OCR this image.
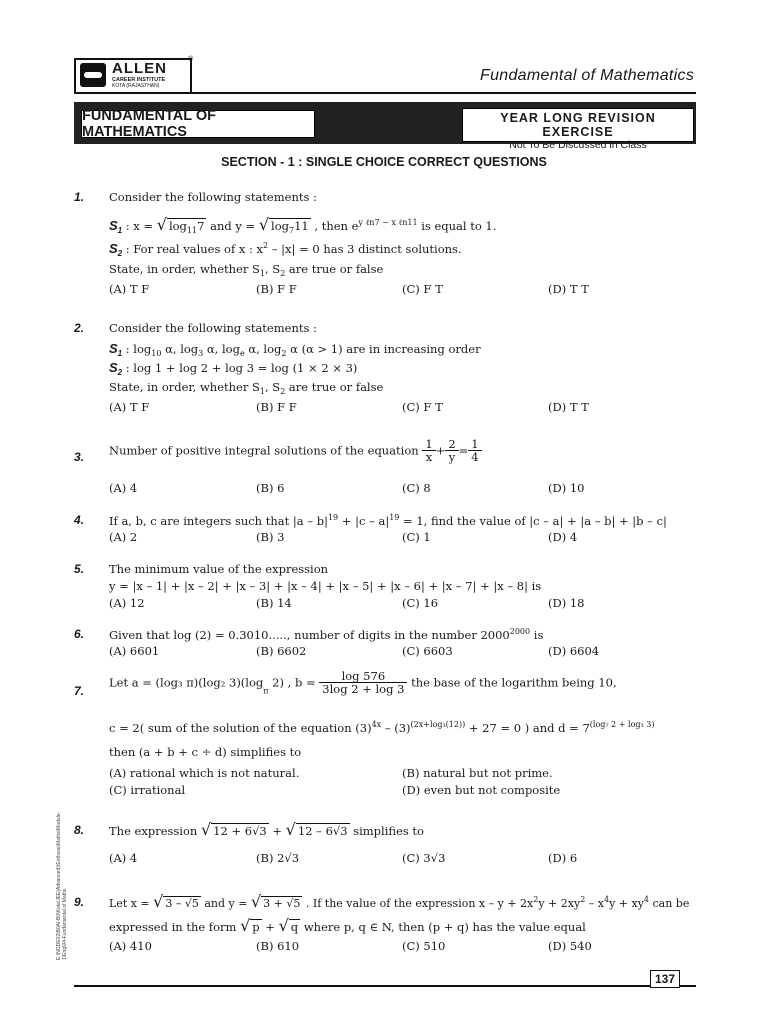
ALLEN
CAREER INSTITUTE
KOTA (RAJASTHAN)
®
Fundamental of Mathematics
FUNDAMENTAL OF MATHEMATICS
YEAR LONG REVISION EXERCISE
Not To Be Discussed in Class
SECTION - 1 : SINGLE CHOICE CORRECT QUESTIONS
1. Consider the following statements :
$S_1$ : x = √ $\log_{11}7$ and y = √ $\log_711$ , then $e^{y \ell n7 - x \ell n11}$ is equal to 1.
$S_2$ : For real values of x : $x^2 - |x| = 0$ has 3 distinct solutions.
State, in order, whether $S_1$, $S_2$ are true or false
(A) T F	(B) F F	(C) F T	(D) T T
2. Consider the following statements :
$S_1$ : $\log_{10} \alpha$, $\log_3 \alpha$, $\log_e \alpha$, $\log_2 \alpha$ (α > 1) are in increasing order
$S_2$ : log 1 + log 2 + log 3 = log (1 × 2 × 3)
State, in order, whether $S_1$, $S_2$ are true or false
(A) T F	(B) F F	(C) F T	(D) T T
3. Number of positive integral solutions of the equation $\frac{1}{x} + \frac{2}{y} = \frac{1}{4}$
(A) 4	(B) 6	(C) 8	(D) 10
4. If a, b, c are integers such that $|a - b|^{19} + |c - a|^{19} = 1$, find the value of |c – a| + |a – b| + |b – c|
(A) 2	(B) 3	(C) 1	(D) 4
5. The minimum value of the expression
y = |x – 1| + |x – 2| + |x – 3| + |x – 4| + |x – 5| + |x – 6| + |x – 7| + |x – 8| is
(A) 12	(B) 14	(C) 16	(D) 18
6. Given that log (2) = 0.3010....., number of digits in the number $2000^{2000}$ is
(A) 6601	(B) 6602	(C) 6603	(D) 6604
7.
Let a = (log₃ π)(log₂ $3)(\log_\pi$ 2) , $b = \frac{\log 576}{3\log 2 + \log 3}$ the base of the logarithm being 10,
c = 2( sum of the solution of the equation $(3)^{4x} - (3)^{(2x+log_3(12))} + 27 = 0$ ) and $d = 7^{(log_7 2 + log_3 3)}$
then (a + b + c ÷ d) simplifies to
(A) rational which is not natural.	(B) natural but not prime.
(C) irrational	(D) even but not composite
8. The expression √ 12 + 6√3 + √ 12 – 6√3 simplifies to
(A) 4	(B) 2√3	(C) 3√3	(D) 6
9. Let x = √ 3 – √5 and y = √ 3 + √5 . If the value of the expression $x - y + 2x^2y + 2xy^2 - x^4y + xy^4$ can be
expressed in the form √ p + √ q where p, q ∈ N, then (p + q) has the value equal
(A) 410	(B) 610	(C) 510	(D) 540
E:\NODE02\B0AI-B0\Kota\JEE(Advanced)\Enthuse\Maths\Module-1\Eng\04-Fundamental of Maths
137
